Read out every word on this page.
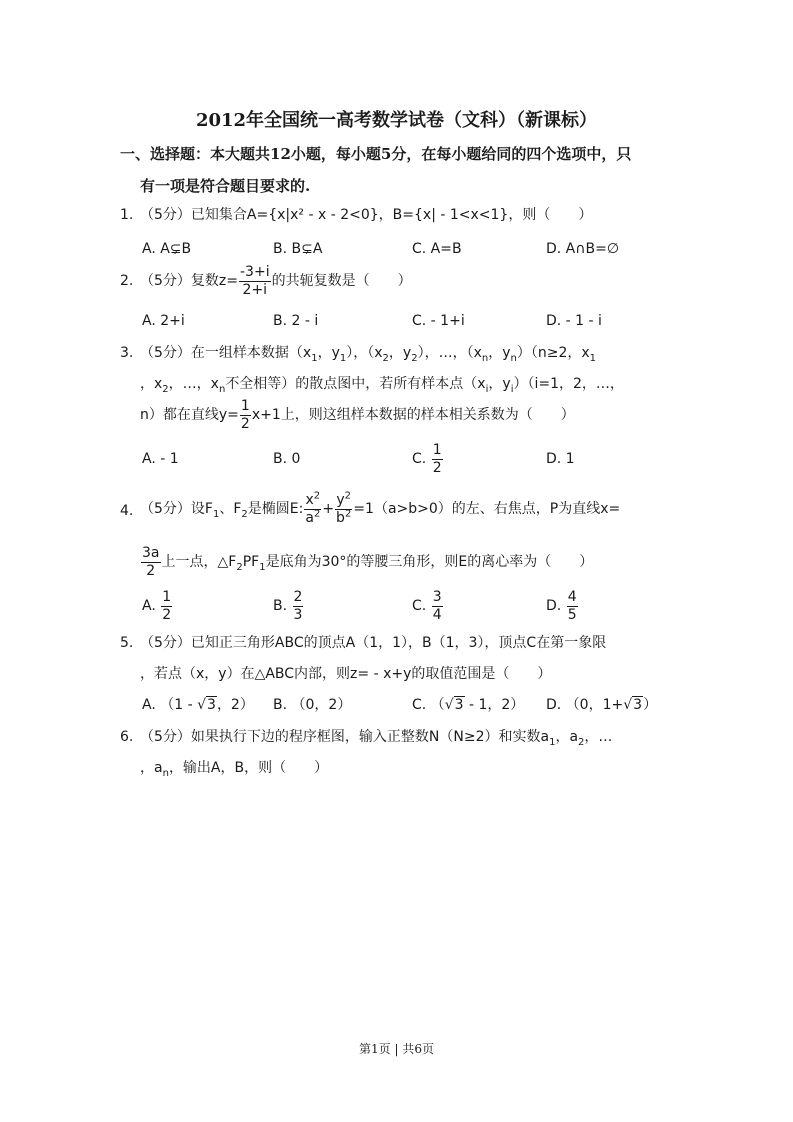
2012年全国统一高考数学试卷（文科）（新课标）
一、选择题：本大题共12小题，每小题5分，在每小题给同的四个选项中，只
有一项是符合题目要求的.
1. （5分）已知集合A={x|x² - x - 2<0}，B={x| - 1<x<1}，则（　　）
A. A⊊B	B. B⊊A	C. A=B	D. A∩B=∅
2. （5分）复数$z= \frac{-3+i}{2+i}$ 的共轭复数是（　　）
A. 2+i	B. 2 - i	C. - 1+i	D. - 1 - i
3. （5分）在一组样本数据（$x_1$，$y_1$），（$x_2$，$y_2$），…，（$x_n$，$y_n)(n\ge 2$，$x_1$
，$x_2$，…，$x_n$不全相等）的散点图中，若所有样本点（$x_i$，$y_i)(i=1$，2，…，
n）都在直线$y= \frac{1}{2} x+1$上，则这组样本数据的样本相关系数为（　　）
A. - 1	B. 0	C. $\frac{1}{2}$	D. 1
4. （5分）设$F_1$、$F_2$是椭圆E: $\frac{x^2}{a^2} + \frac{y^2}{b^2} =1(a>b>0)$的左、右焦点，P为直线x=
$\frac{3a}{2}$ 上一点，$\triangle F_2PF_1$是底角为30°的等腰三角形，则E的离心率为（　　）
A. $\frac{1}{2}$	B. $\frac{2}{3}$	C. $\frac{3}{4}$	D. $\frac{4}{5}$
5. （5分）已知正三角形ABC的顶点A（1，1），B（1，3），顶点C在第一象限
，若点（x，y）在△ABC内部，则z= - x+y的取值范围是（　　）
A. （1 - √3，2） B. （0，2）	C. （√3 - 1，2） D. （0，1+√3）
6. （5分）如果执行下边的程序框图，输入正整数N（N≥2）和实数$a_1$，$a_2$，…
，$a_n$，输出A，B，则（　　）
第1页 | 共6页
